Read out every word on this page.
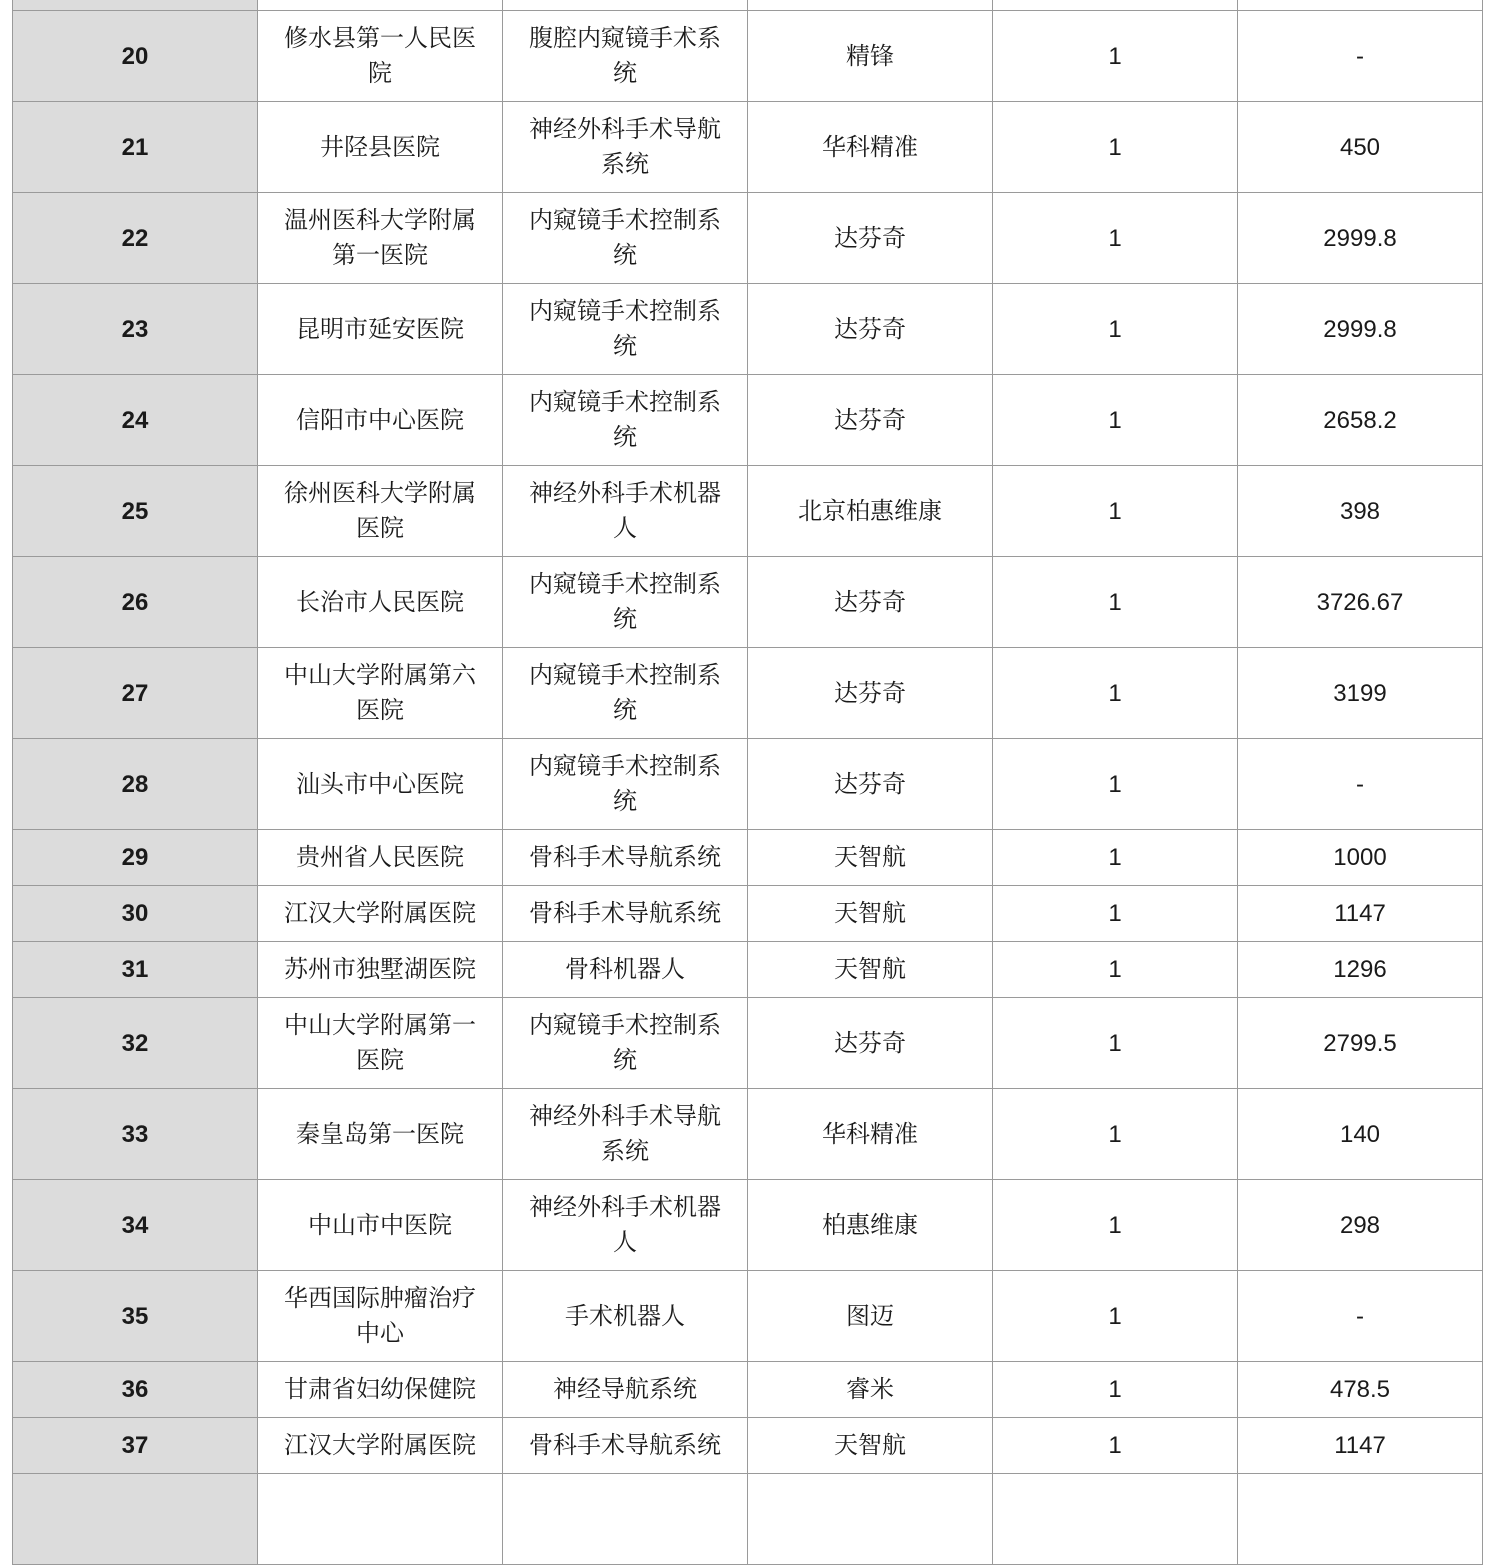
20	修水县第一人民医院	腹腔内窥镜手术系统	精锋	1	-
21	井陉县医院	神经外科手术导航系统	华科精准	1	450
22	温州医科大学附属第一医院	内窥镜手术控制系统	达芬奇	1	2999.8
23	昆明市延安医院	内窥镜手术控制系统	达芬奇	1	2999.8
24	信阳市中心医院	内窥镜手术控制系统	达芬奇	1	2658.2
25	徐州医科大学附属医院	神经外科手术机器人	北京柏惠维康	1	398
26	长治市人民医院	内窥镜手术控制系统	达芬奇	1	3726.67
27	中山大学附属第六医院	内窥镜手术控制系统	达芬奇	1	3199
28	汕头市中心医院	内窥镜手术控制系统	达芬奇	1	-
29	贵州省人民医院	骨科手术导航系统	天智航	1	1000
30	江汉大学附属医院	骨科手术导航系统	天智航	1	1147
31	苏州市独墅湖医院	骨科机器人	天智航	1	1296
32	中山大学附属第一医院	内窥镜手术控制系统	达芬奇	1	2799.5
33	秦皇岛第一医院	神经外科手术导航系统	华科精准	1	140
34	中山市中医院	神经外科手术机器人	柏惠维康	1	298
35	华西国际肿瘤治疗中心	手术机器人	图迈	1	-
36	甘肃省妇幼保健院	神经导航系统	睿米	1	478.5
37	江汉大学附属医院	骨科手术导航系统	天智航	1	1147
